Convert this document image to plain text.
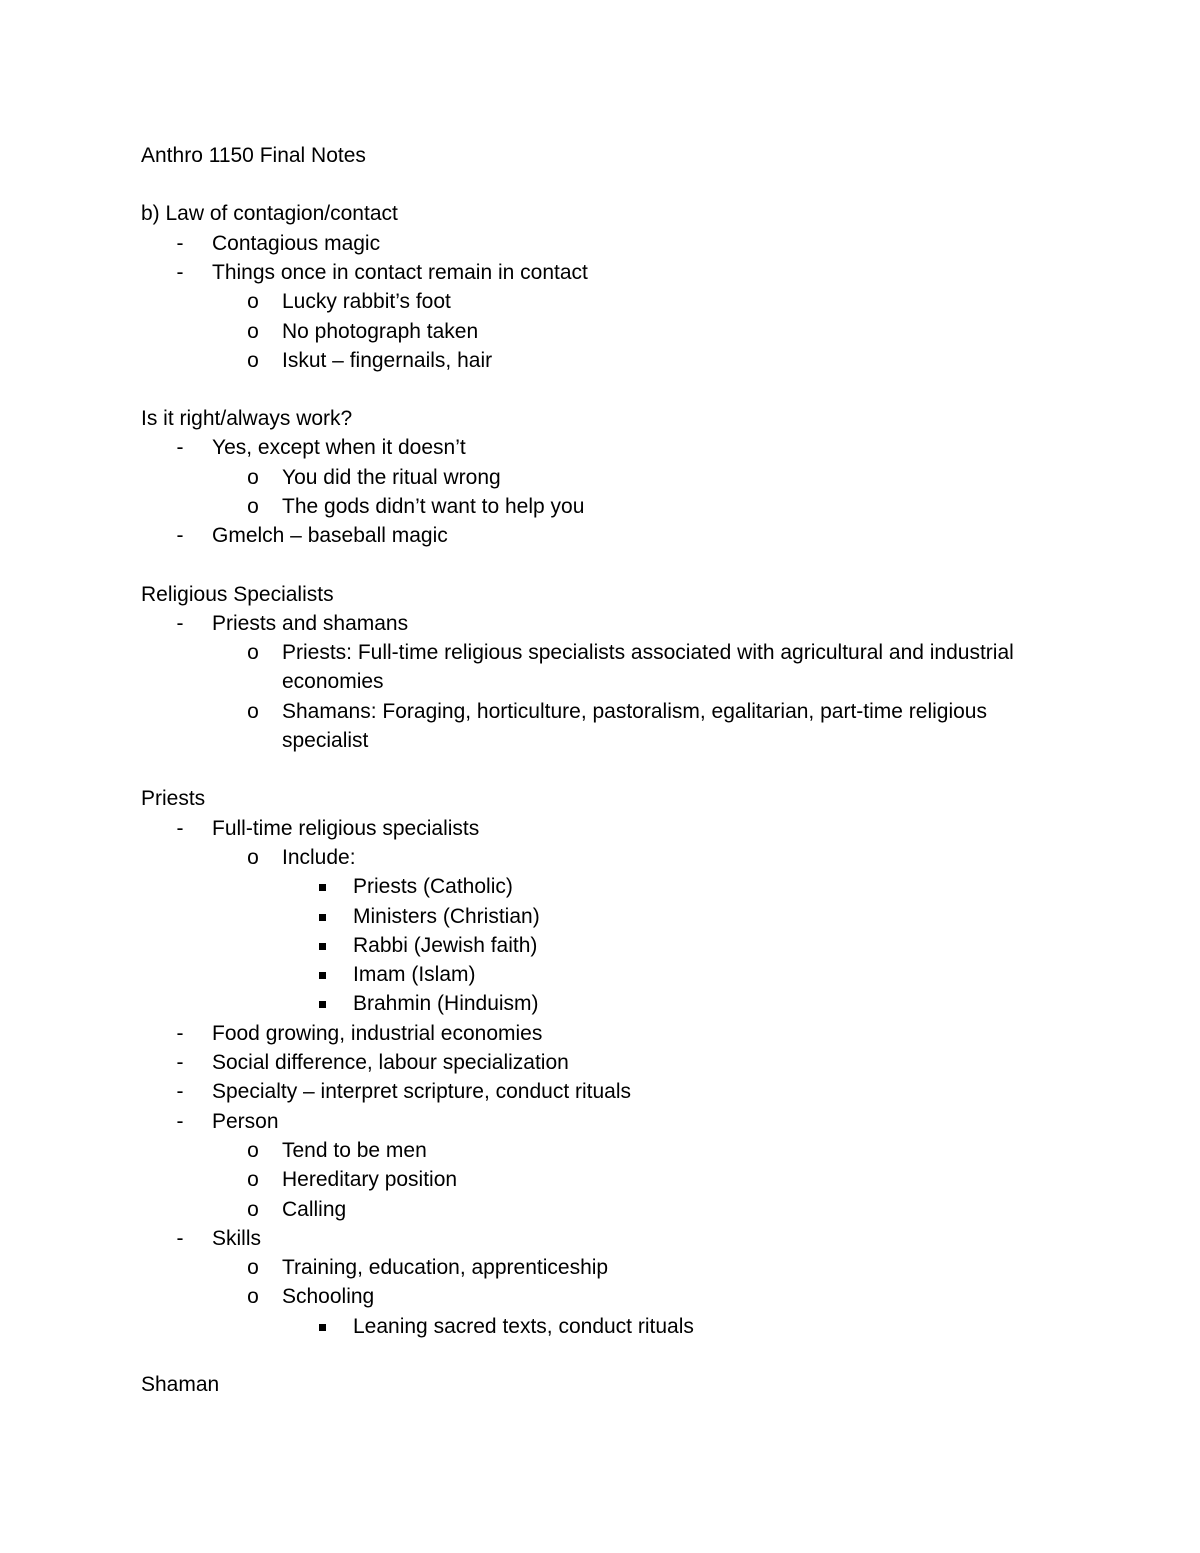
Anthro 1150 Final Notes
b) Law of contagion/contact
-	Contagious magic
-	Things once in contact remain in contact
o Lucky rabbit’s foot
o No photograph taken
o Iskut – fingernails, hair
Is it right/always work?
-	Yes, except when it doesn’t
o You did the ritual wrong
o The gods didn’t want to help you
-	Gmelch – baseball magic
Religious Specialists
-	Priests and shamans
o Priests: Full-time religious specialists associated with agricultural and industrial
economies
o Shamans: Foraging, horticulture, pastoralism, egalitarian, part-time religious
specialist
Priests
-	Full-time religious specialists
o Include:
Priests (Catholic)
Ministers (Christian)
Rabbi (Jewish faith)
Imam (Islam)
Brahmin (Hinduism)
-	Food growing, industrial economies
-	Social difference, labour specialization
-	Specialty – interpret scripture, conduct rituals
-	Person
o Tend to be men
o Hereditary position
o Calling
-	Skills
o Training, education, apprenticeship
o Schooling
Leaning sacred texts, conduct rituals
Shaman
